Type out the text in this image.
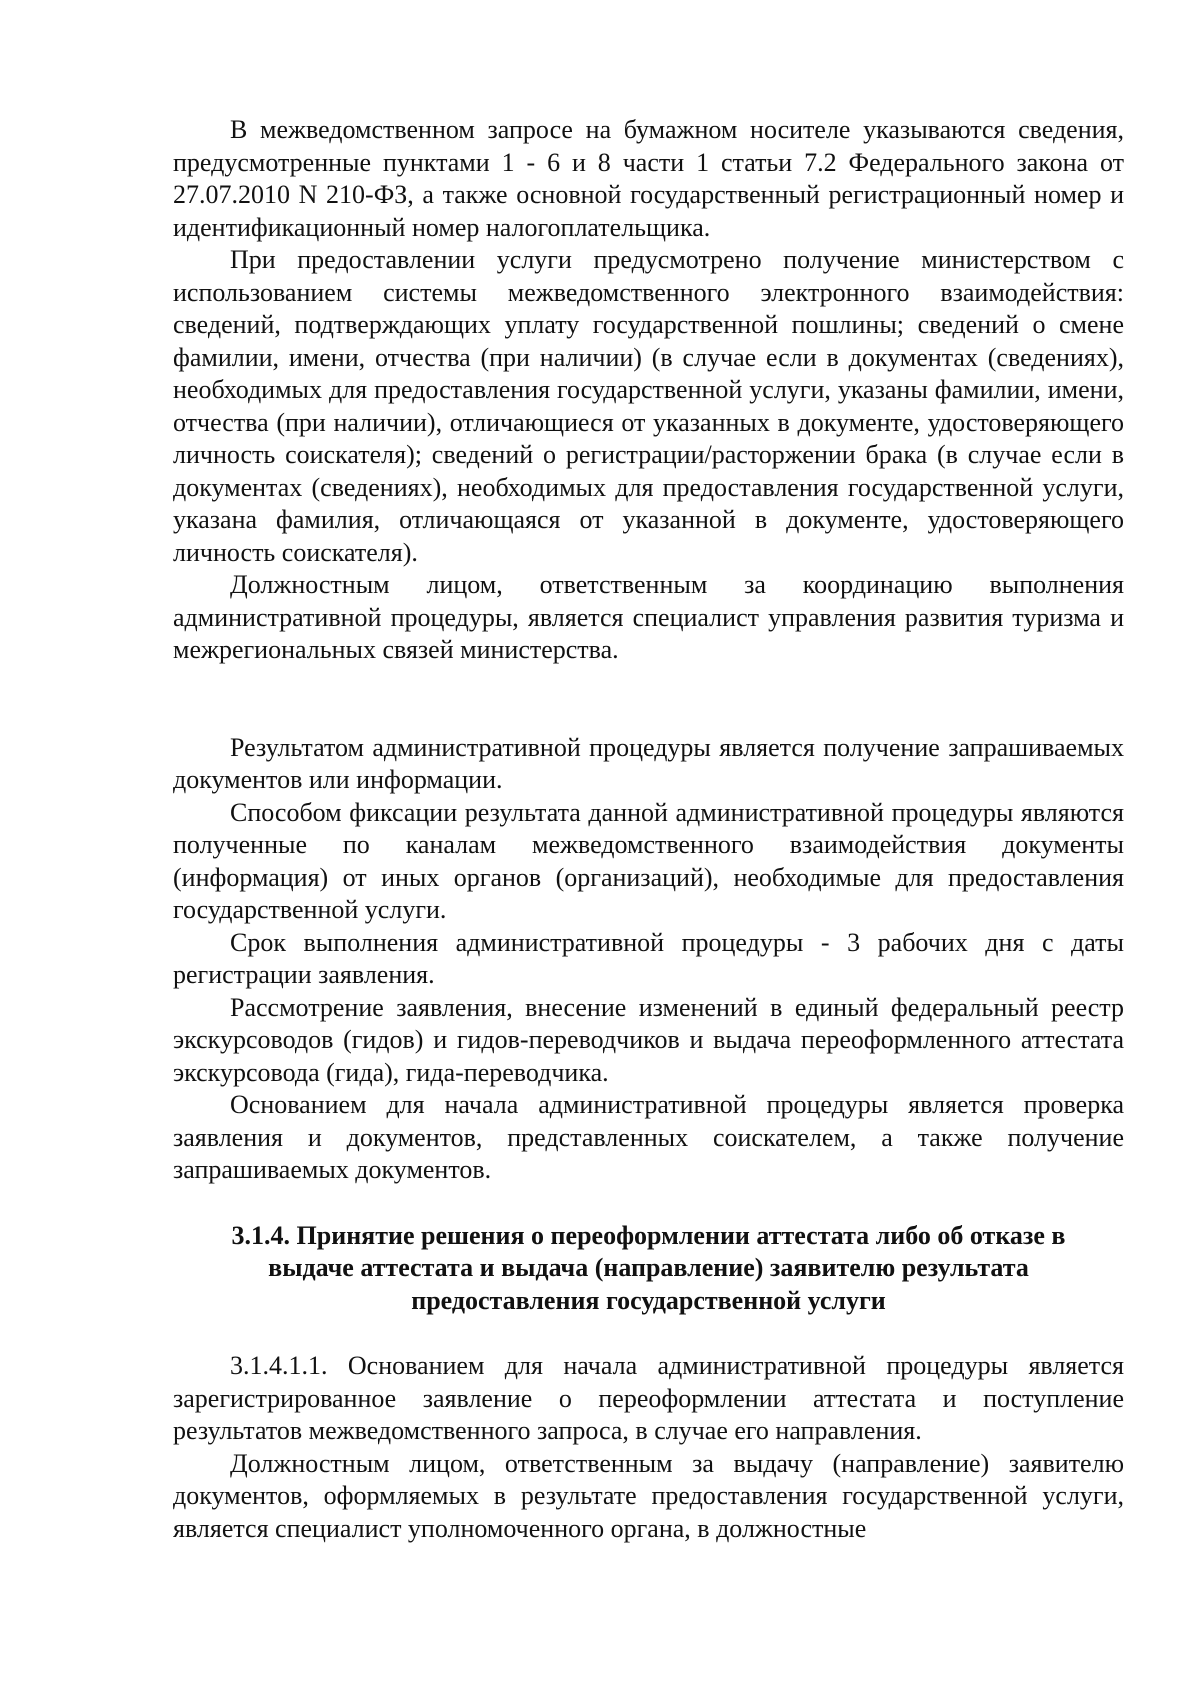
В межведомственном запросе на бумажном носителе указываются сведения, предусмотренные пунктами 1 - 6 и 8 части 1 статьи 7.2 Федерального закона от 27.07.2010 N 210-ФЗ, а также основной государственный регистрационный номер и идентификационный номер налогоплательщика.

При предоставлении услуги предусмотрено получение министерством с использованием системы межведомственного электронного взаимодействия: сведений, подтверждающих уплату государственной пошлины; сведений о смене фамилии, имени, отчества (при наличии) (в случае если в документах (сведениях), необходимых для предоставления государственной услуги, указаны фамилии, имени, отчества (при наличии), отличающиеся от указанных в документе, удостоверяющего личность соискателя); сведений о регистрации/расторжении брака (в случае если в документах (сведениях), необходимых для предоставления государственной услуги, указана фамилия, отличающаяся от указанной в документе, удостоверяющего личность соискателя).

Должностным лицом, ответственным за координацию выполнения административной процедуры, является специалист управления развития туризма и межрегиональных связей министерства.

Результатом административной процедуры является получение запрашиваемых документов или информации.

Способом фиксации результата данной административной процедуры являются полученные по каналам межведомственного взаимодействия документы (информация) от иных органов (организаций), необходимые для предоставления государственной услуги.

Срок выполнения административной процедуры - 3 рабочих дня с даты регистрации заявления.

Рассмотрение заявления, внесение изменений в единый федеральный реестр экскурсоводов (гидов) и гидов-переводчиков и выдача переоформленного аттестата экскурсовода (гида), гида-переводчика.

Основанием для начала административной процедуры является проверка заявления и документов, представленных соискателем, а также получение запрашиваемых документов.

3.1.4. Принятие решения о переоформлении аттестата либо об отказе в выдаче аттестата и выдача (направление) заявителю результата предоставления государственной услуги

3.1.4.1.1. Основанием для начала административной процедуры является зарегистрированное заявление о переоформлении аттестата и поступление результатов межведомственного запроса, в случае его направления.

Должностным лицом, ответственным за выдачу (направление) заявителю документов, оформляемых в результате предоставления государственной услуги, является специалист уполномоченного органа, в должностные
